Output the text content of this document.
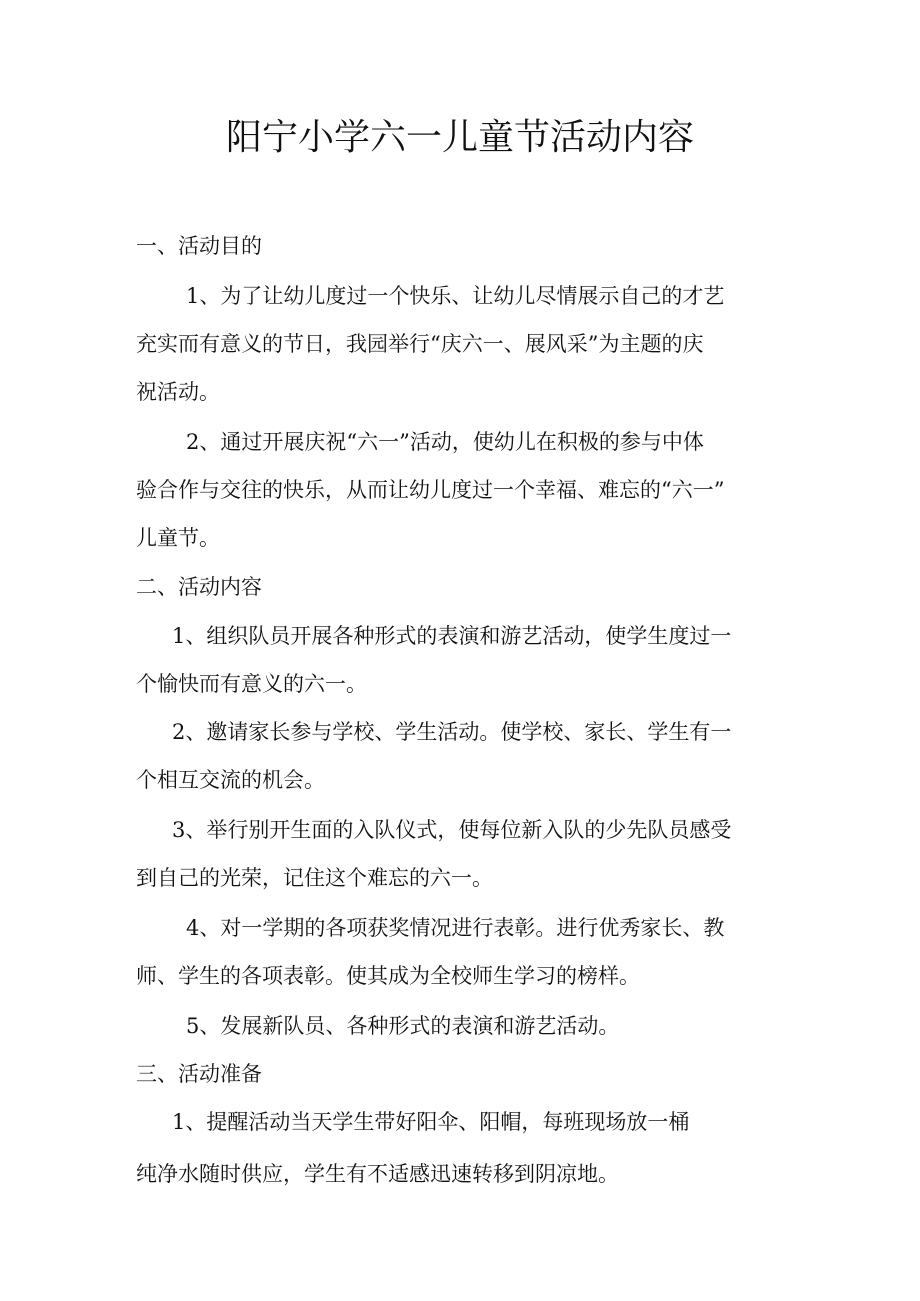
阳宁小学六一儿童节活动内容
一、活动目的
1、为了让幼儿度过一个快乐、让幼儿尽情展示自己的才艺
充实而有意义的节日，我园举行“庆六一、展风采”为主题的庆
祝活动。
2、通过开展庆祝“六一”活动，使幼儿在积极的参与中体
验合作与交往的快乐，从而让幼儿度过一个幸福、难忘的“六一”
儿童节。
二、活动内容
1、组织队员开展各种形式的表演和游艺活动，使学生度过一
个愉快而有意义的六一。
2、邀请家长参与学校、学生活动。使学校、家长、学生有一
个相互交流的机会。
3、举行别开生面的入队仪式，使每位新入队的少先队员感受
到自己的光荣，记住这个难忘的六一。
4、对一学期的各项获奖情况进行表彰。进行优秀家长、教
师、学生的各项表彰。使其成为全校师生学习的榜样。
5、发展新队员、各种形式的表演和游艺活动。
三、活动准备
1、提醒活动当天学生带好阳伞、阳帽，每班现场放一桶
纯净水随时供应，学生有不适感迅速转移到阴凉地。
